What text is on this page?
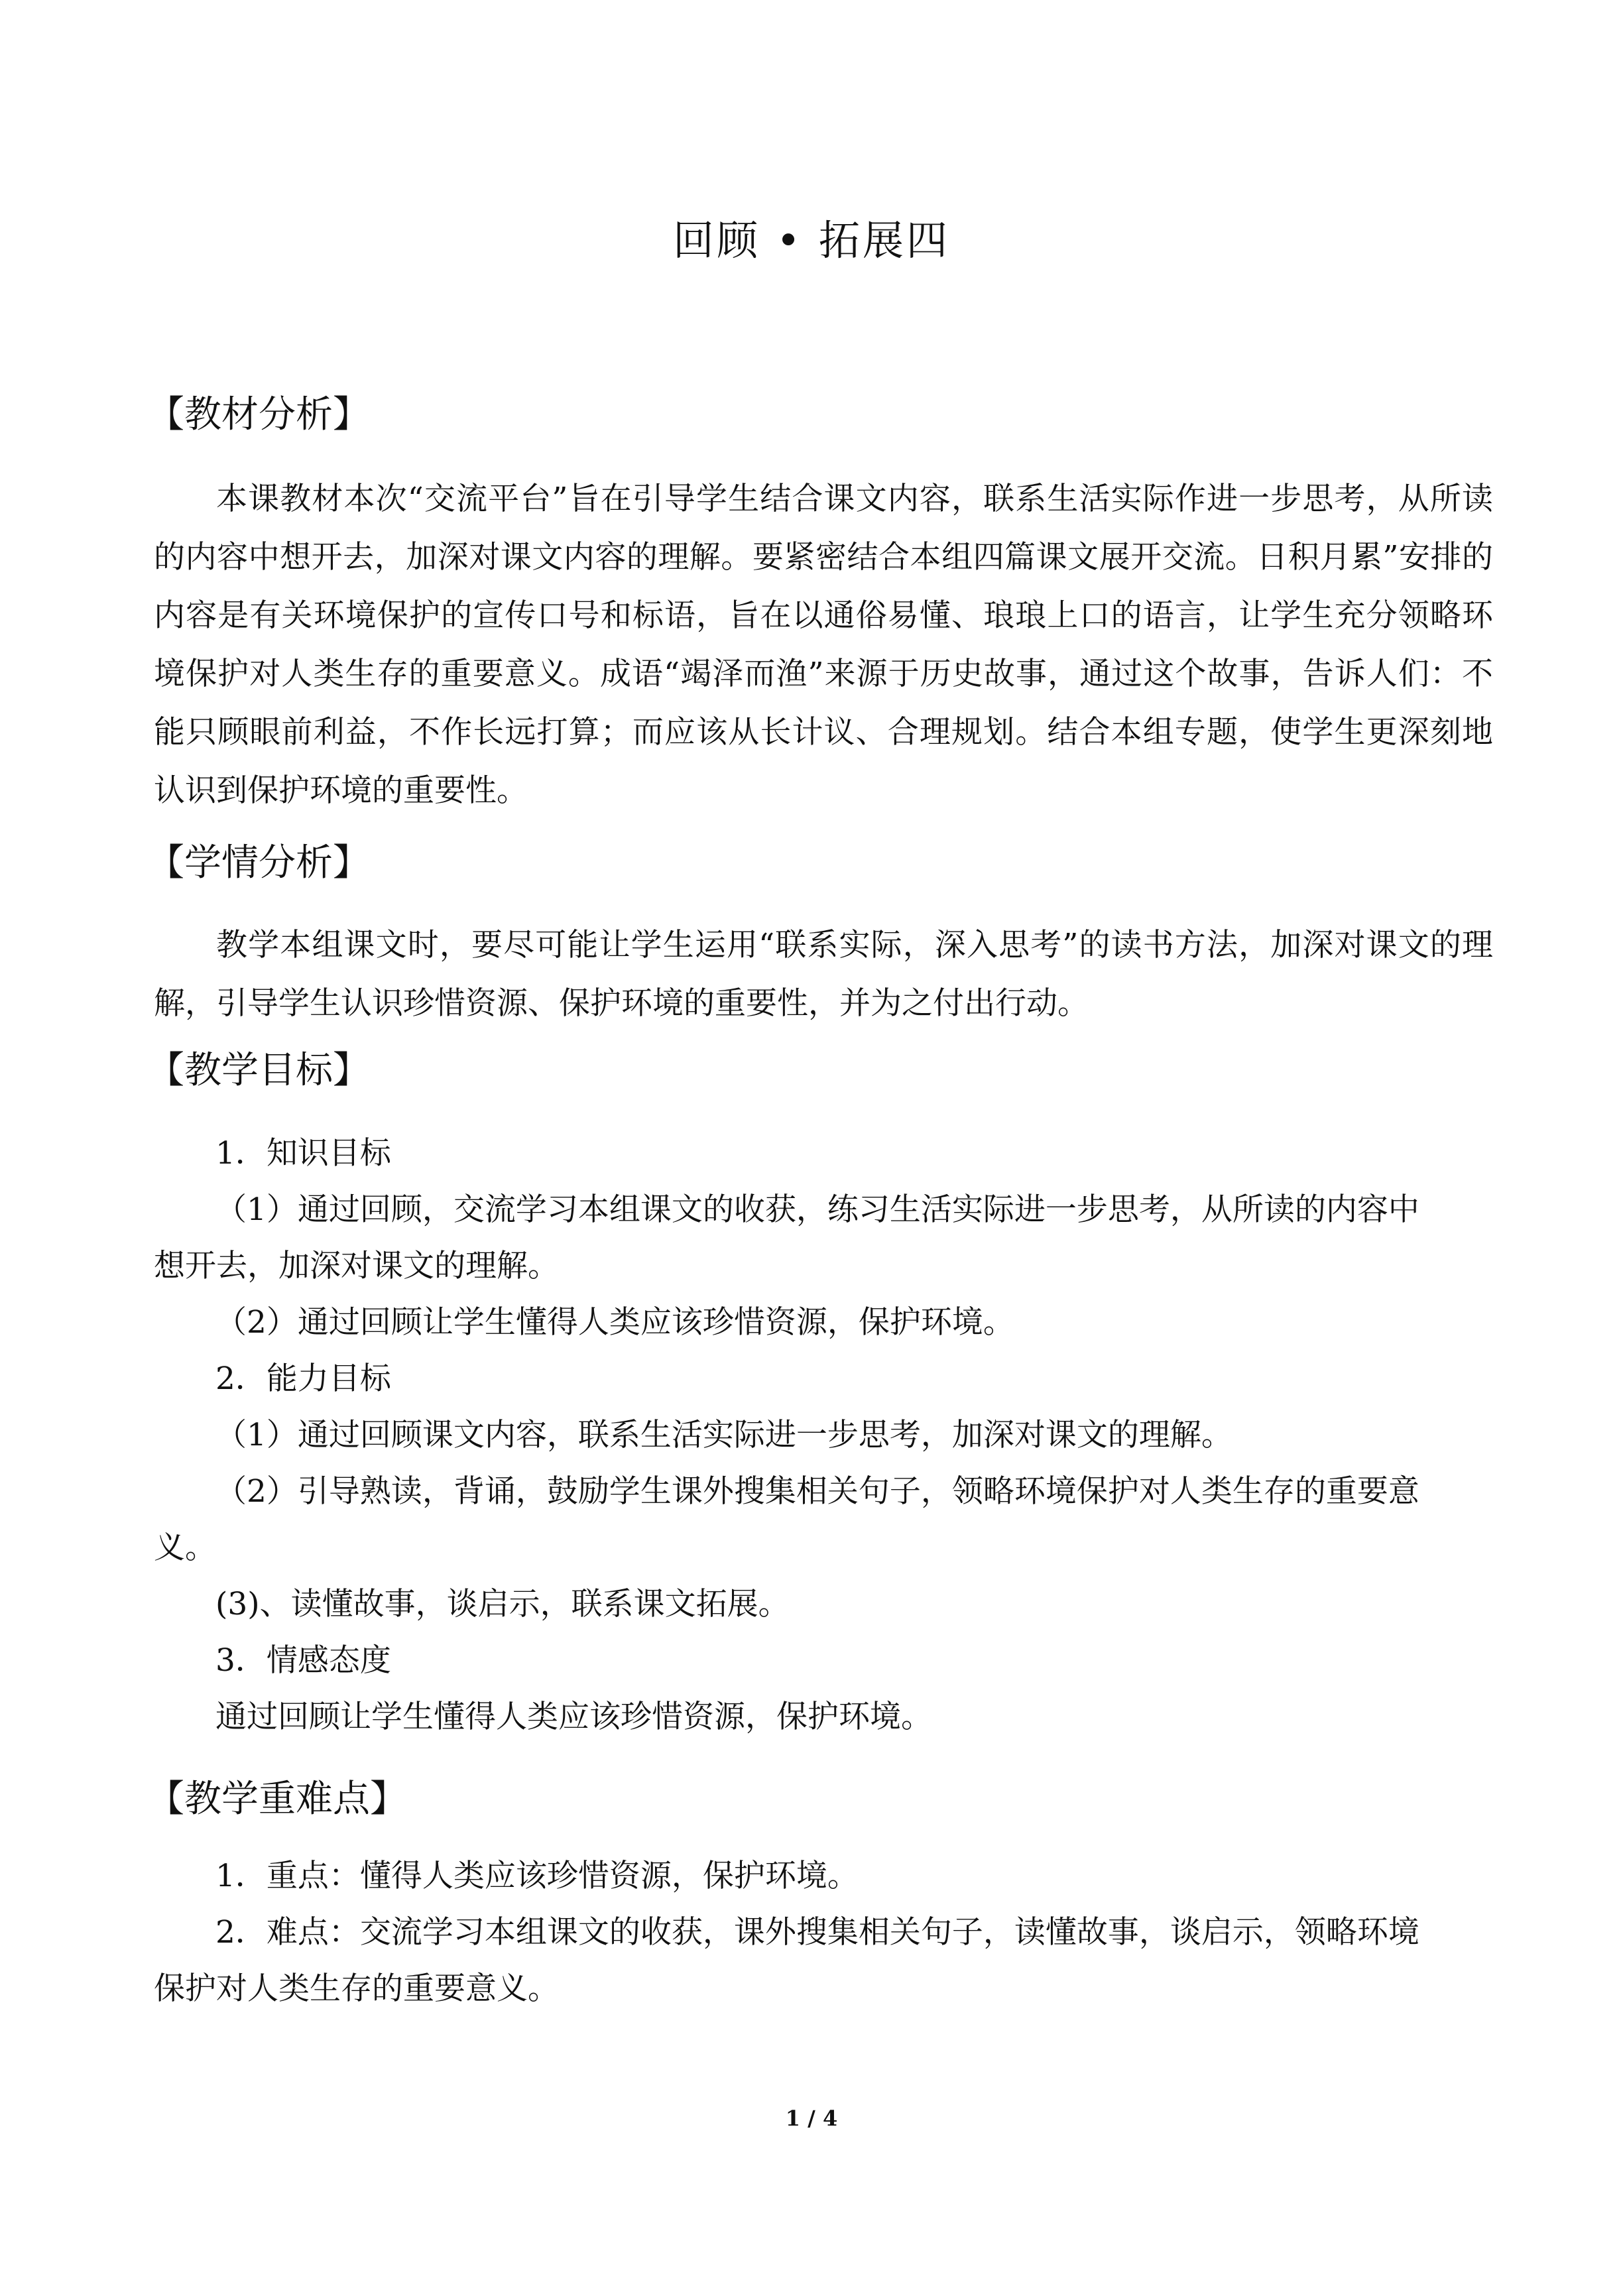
回顾 • 拓展四
【教材分析】
本课教材本次“交流平台”旨在引导学生结合课文内容，联系生活实际作进一步思考，从所读的内容中想开去，加深对课文内容的理解。要紧密结合本组四篇课文展开交流。日积月累”安排的内容是有关环境保护的宣传口号和标语，旨在以通俗易懂、琅琅上口的语言，让学生充分领略环境保护对人类生存的重要意义。成语“竭泽而渔”来源于历史故事，通过这个故事，告诉人们：不能只顾眼前利益，不作长远打算；而应该从长计议、合理规划。结合本组专题，使学生更深刻地认识到保护环境的重要性。
【学情分析】
教学本组课文时，要尽可能让学生运用“联系实际，深入思考”的读书方法，加深对课文的理解，引导学生认识珍惜资源、保护环境的重要性，并为之付出行动。
【教学目标】
1．知识目标
（1）通过回顾，交流学习本组课文的收获，练习生活实际进一步思考，从所读的内容中
想开去，加深对课文的理解。
（2）通过回顾让学生懂得人类应该珍惜资源，保护环境。
2．能力目标
（1）通过回顾课文内容，联系生活实际进一步思考，加深对课文的理解。
（2）引导熟读，背诵，鼓励学生课外搜集相关句子，领略环境保护对人类生存的重要意
义。
(3)、读懂故事，谈启示，联系课文拓展。
3．情感态度
通过回顾让学生懂得人类应该珍惜资源，保护环境。
【教学重难点】
1．重点：懂得人类应该珍惜资源，保护环境。
2．难点：交流学习本组课文的收获，课外搜集相关句子，读懂故事，谈启示，领略环境
保护对人类生存的重要意义。
1 / 4
